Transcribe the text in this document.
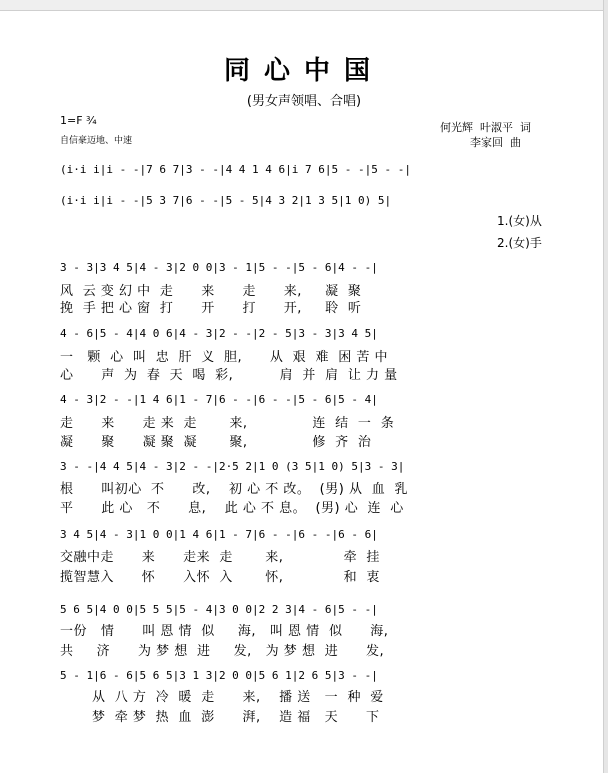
同心中国
(男女声领唱、合唱)
1=F ¾
自信豪迈地、中速
何光辉  叶淑平  词
李家回  曲
(i·i i|i - -|7 6 7|3 - -|4 4 1 4 6|i 7 6|5 - -|5 - -|
(i·i i|i - -|5 3 7|6 - -|5 - 5|4 3 2|1 3 5|1 0) 5|
1.(女)从
2.(女)手
3 - 3|3 4 5|4 - 3|2 0 0|3 - 1|5 - -|5 - 6|4 - -|
风  云 变 幻 中  走      来      走      来,     凝  聚
挽  手 把 心 窗  打      开      打      开,     聆  听
4 - 6|5 - 4|4 0 6|4 - 3|2 - -|2 - 5|3 - 3|3 4 5|
一   颗  心  叫  忠  肝  义  胆,      从  艰  难  困 苦 中
心      声  为  春  天  喝  彩,          肩  并  肩  让 力 量
4 - 3|2 - -|1 4 6|1 - 7|6 - -|6 - -|5 - 6|5 - 4|
走      来      走 来  走       来,              连  结  一  条
凝      聚      凝 聚  凝       聚,              修  齐  治
3 - -|4 4 5|4 - 3|2 - -|2·5 2|1 0 (3 5|1 0) 5|3 - 3|
根      叫初心  不      改,    初 心 不 改。  (男) 从  血  乳
平      此 心   不      息,    此 心 不 息。  (男) 心  连  心
3 4 5|4 - 3|1 0 0|1 4 6|1 - 7|6 - -|6 - -|6 - 6|
交融中走      来      走来  走       来,             牵  挂
揽智慧入      怀      入怀  入       怀,             和  衷
5 6 5|4 0 0|5 5 5|5 - 4|3 0 0|2 2 3|4 - 6|5 - -|
一份   情      叫 恩 情  似     海,   叫 恩 情  似      海,
共     济      为 梦 想  进     发,   为 梦 想  进      发,
5 - 1|6 - 6|5 6 5|3 1 3|2 0 0|5 6 1|2 6 5|3 - -|
从  八 方  冷  暖  走      来,    播 送   一  种  爱
梦  牵 梦  热  血  澎      湃,    造 福   天      下
